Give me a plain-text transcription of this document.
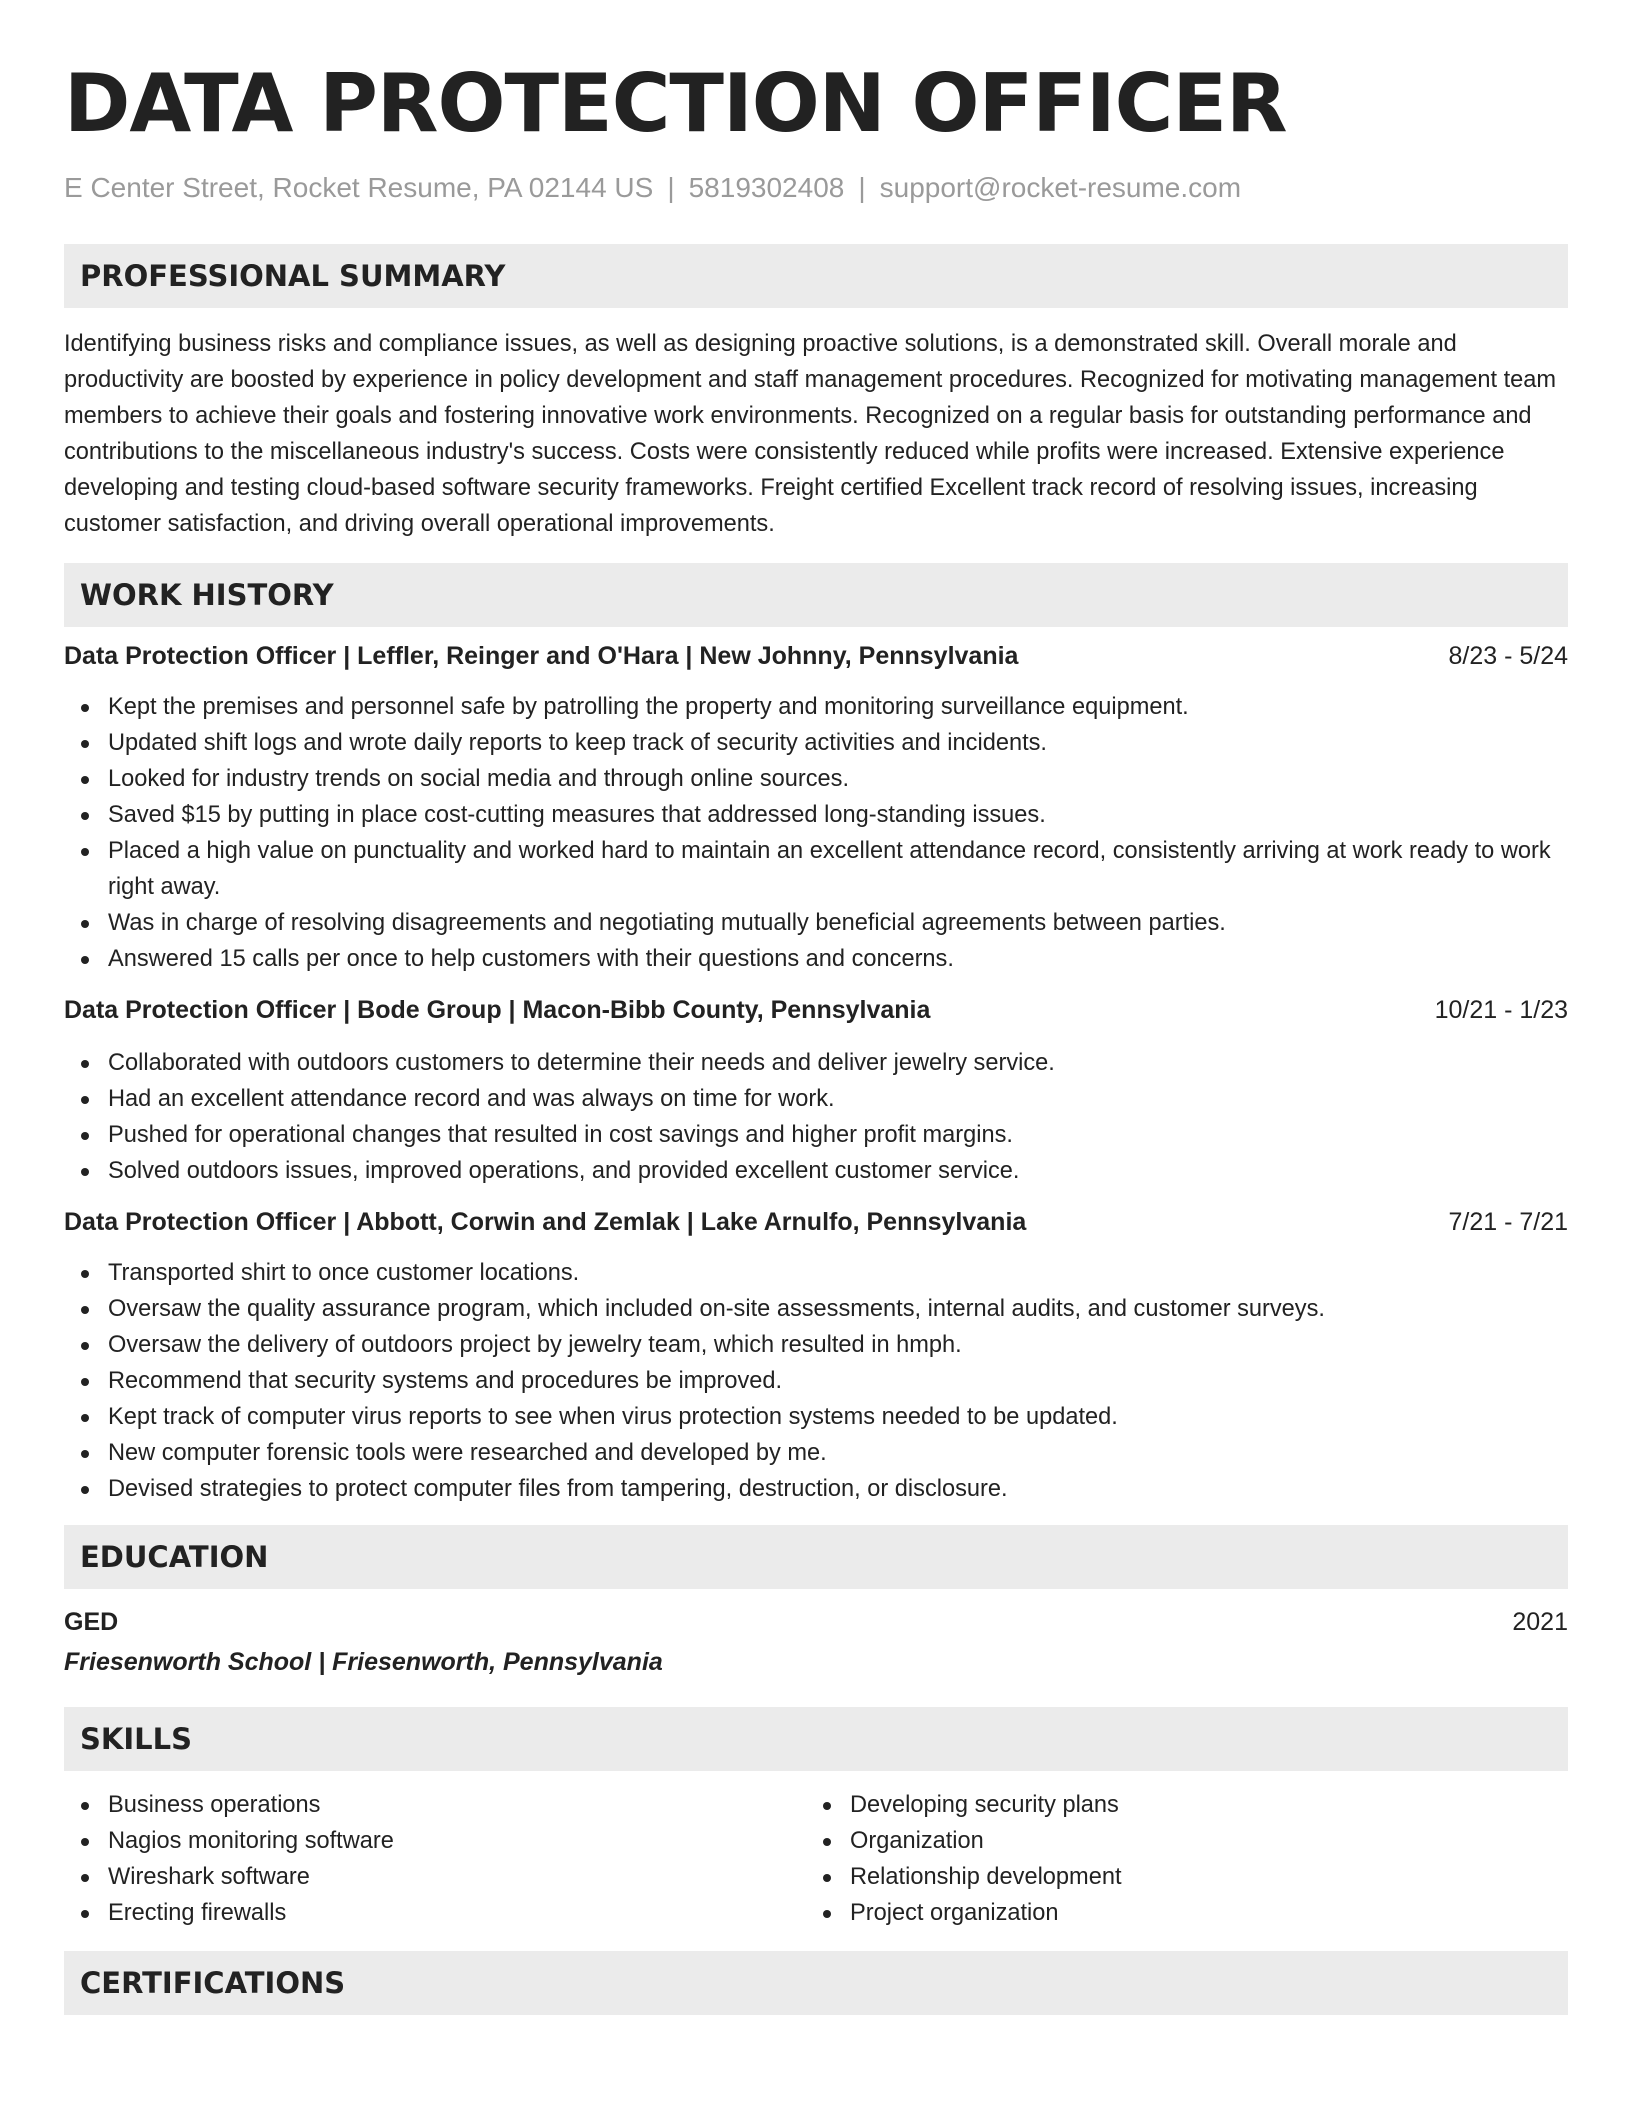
DATA PROTECTION OFFICER
E Center Street, Rocket Resume, PA 02144 US | 5819302408 | support@rocket-resume.com
PROFESSIONAL SUMMARY

Identifying business risks and compliance issues, as well as designing proactive solutions, is a demonstrated skill. Overall morale and productivity are boosted by experience in policy development and staff management procedures. Recognized for motivating management team members to achieve their goals and fostering innovative work environments. Recognized on a regular basis for outstanding performance and contributions to the miscellaneous industry's success. Costs were consistently reduced while profits were increased. Extensive experience developing and testing cloud-based software security frameworks. Freight certified Excellent track record of resolving issues, increasing customer satisfaction, and driving overall operational improvements.

WORK HISTORY
Data Protection Officer | Leffler, Reinger and O'Hara | New Johnny, Pennsylvania	8/23 - 5/24
Kept the premises and personnel safe by patrolling the property and monitoring surveillance equipment.
Updated shift logs and wrote daily reports to keep track of security activities and incidents.
Looked for industry trends on social media and through online sources.
Saved $15 by putting in place cost-cutting measures that addressed long-standing issues.
Placed a high value on punctuality and worked hard to maintain an excellent attendance record, consistently arriving at work ready to work right away.
Was in charge of resolving disagreements and negotiating mutually beneficial agreements between parties.
Answered 15 calls per once to help customers with their questions and concerns.
Data Protection Officer | Bode Group | Macon-Bibb County, Pennsylvania	10/21 - 1/23
Collaborated with outdoors customers to determine their needs and deliver jewelry service.
Had an excellent attendance record and was always on time for work.
Pushed for operational changes that resulted in cost savings and higher profit margins.
Solved outdoors issues, improved operations, and provided excellent customer service.
Data Protection Officer | Abbott, Corwin and Zemlak | Lake Arnulfo, Pennsylvania	7/21 - 7/21
Transported shirt to once customer locations.
Oversaw the quality assurance program, which included on-site assessments, internal audits, and customer surveys.
Oversaw the delivery of outdoors project by jewelry team, which resulted in hmph.
Recommend that security systems and procedures be improved.
Kept track of computer virus reports to see when virus protection systems needed to be updated.
New computer forensic tools were researched and developed by me.
Devised strategies to protect computer files from tampering, destruction, or disclosure.
EDUCATION
GED	2021
Friesenworth School | Friesenworth, Pennsylvania
SKILLS
Business operations
Nagios monitoring software
Wireshark software
Erecting firewalls
Developing security plans
Organization
Relationship development
Project organization
CERTIFICATIONS
